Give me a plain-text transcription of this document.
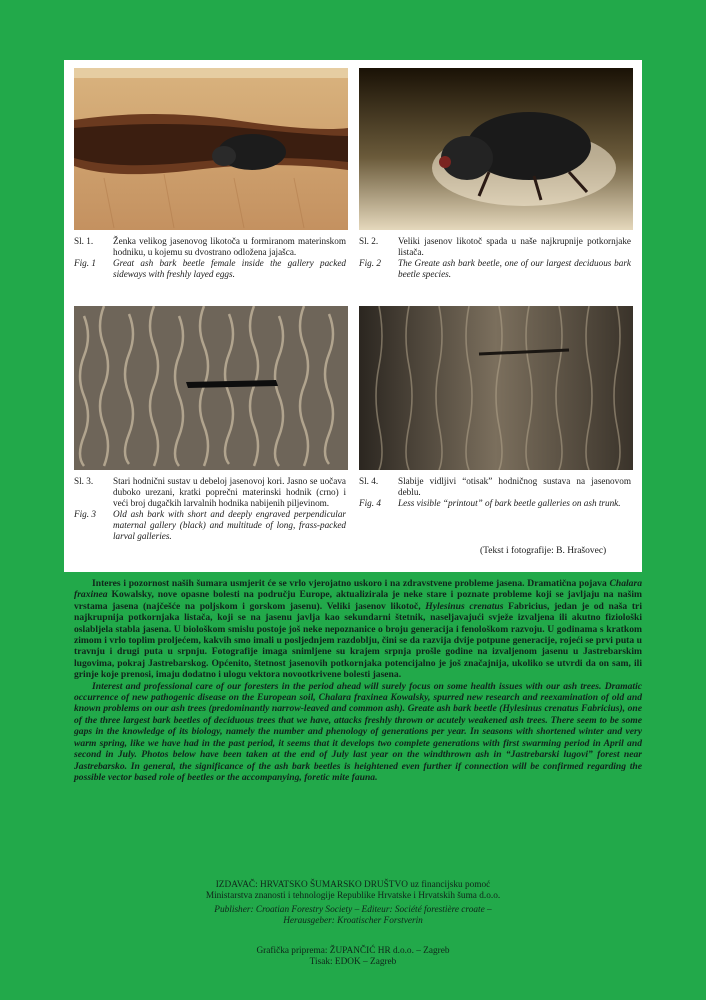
Sl. 1.	Ženka velikog jasenovog likotoča u formiranom materinskom hodniku, u kojemu su dvostrano odložena jajašca.
Fig. 1	Great ash bark beetle female inside the gallery packed sideways with freshly layed eggs.
Sl. 2.	Veliki jasenov likotoč spada u naše najkrupnije potkornjake listača.
Fig. 2	The Greate ash bark beetle, one of our largest deciduous bark beetle species.
Sl. 3.	Stari hodnični sustav u debeloj jasenovoj kori. Jasno se uočava duboko urezani, kratki poprečni materinski hodnik (crno) i veći broj dugačkih larvalnih hodnika nabijenih piljevinom.
Fig. 3	Old ash bark with short and deeply engraved perpendicular maternal gallery (black) and multitude of long, frass-packed larval galleries.
Sl. 4.	Slabije vidljivi “otisak” hodničnog sustava na jasenovom deblu.
Fig. 4	Less visible “printout” of bark beetle galleries on ash trunk.
(Tekst i fotografije: B. Hrašovec)

Interes i pozornost naših šumara usmjerit će se vrlo vjerojatno uskoro i na zdravstvene probleme jasena. Dramatična pojava Chalara fraxinea Kowalsky, nove opasne bolesti na području Europe, aktualizirala je neke stare i poznate probleme koji se javljaju na našim vrstama jasena (najčešće na poljskom i gorskom jasenu). Veliki jasenov likotoč, Hylesinus crenatus Fabricius, jedan je od naša tri najkrupnija potkornjaka listača, koji se na jasenu javlja kao sekundarni štetnik, naseljavajući svježe izvaljena ili akutno fiziološki oslabljela stabla jasena. U biološkom smislu postoje još neke nepoznanice o broju generacija i fenološkom razvoju. U godinama s kratkom zimom i vrlo toplim proljećem, kakvih smo imali u posljednjem razdoblju, čini se da razvija dvije potpune generacije, rojeći se prvi puta u travnju i drugi puta u srpnju. Fotografije imaga snimljene su krajem srpnja prošle godine na izvaljenom jasenu u Jastrebarskim lugovima, pokraj Jastrebarskog. Općenito, štetnost jasenovih potkornjaka potencijalno je još značajnija, ukoliko se utvrdi da on sam, ili grinje koje prenosi, imaju dodatno i ulogu vektora novootkrivene bolesti jasena.

Interest and professional care of our foresters in the period ahead will surely focus on some health issues with our ash trees. Dramatic occurrence of new pathogenic disease on the European soil, Chalara fraxinea Kowalsky, spurred new research and reexamination of old and known problems on our ash trees (predominantly narrow-leaved and common ash). Greate ash bark beetle (Hylesinus crenatus Fabricius), one of the three largest bark beetles of deciduous trees that we have, attacks freshly thrown or acutely weakened ash trees. There seem to be some gaps in the knowledge of its biology, namely the number and phenology of generations per year. In seasons with shortened winter and very warm spring, like we have had in the past period, it seems that it develops two complete generations with first swarming period in April and second in July. Photos below have been taken at the end of July last year on the windthrown ash in “Jastrebarski lugovi” forest near Jastrebarsko. In general, the significance of the ash bark beetles is heightened even further if connection will be confirmed regarding the possible vector based role of beetles or the accompanying, foretic mite fauna.

IZDAVAČ: HRVATSKO ŠUMARSKO DRUŠTVO uz financijsku pomoć
Ministarstva znanosti i tehnologije Republike Hrvatske i Hrvatskih šuma d.o.o.
Publisher: Croatian Forestry Society – Editeur: Société forestière croate –
Herausgeber: Kroatischer Forstverin
Grafička priprema: ŽUPANČIĆ HR d.o.o. – Zagreb
Tisak: EDOK – Zagreb
